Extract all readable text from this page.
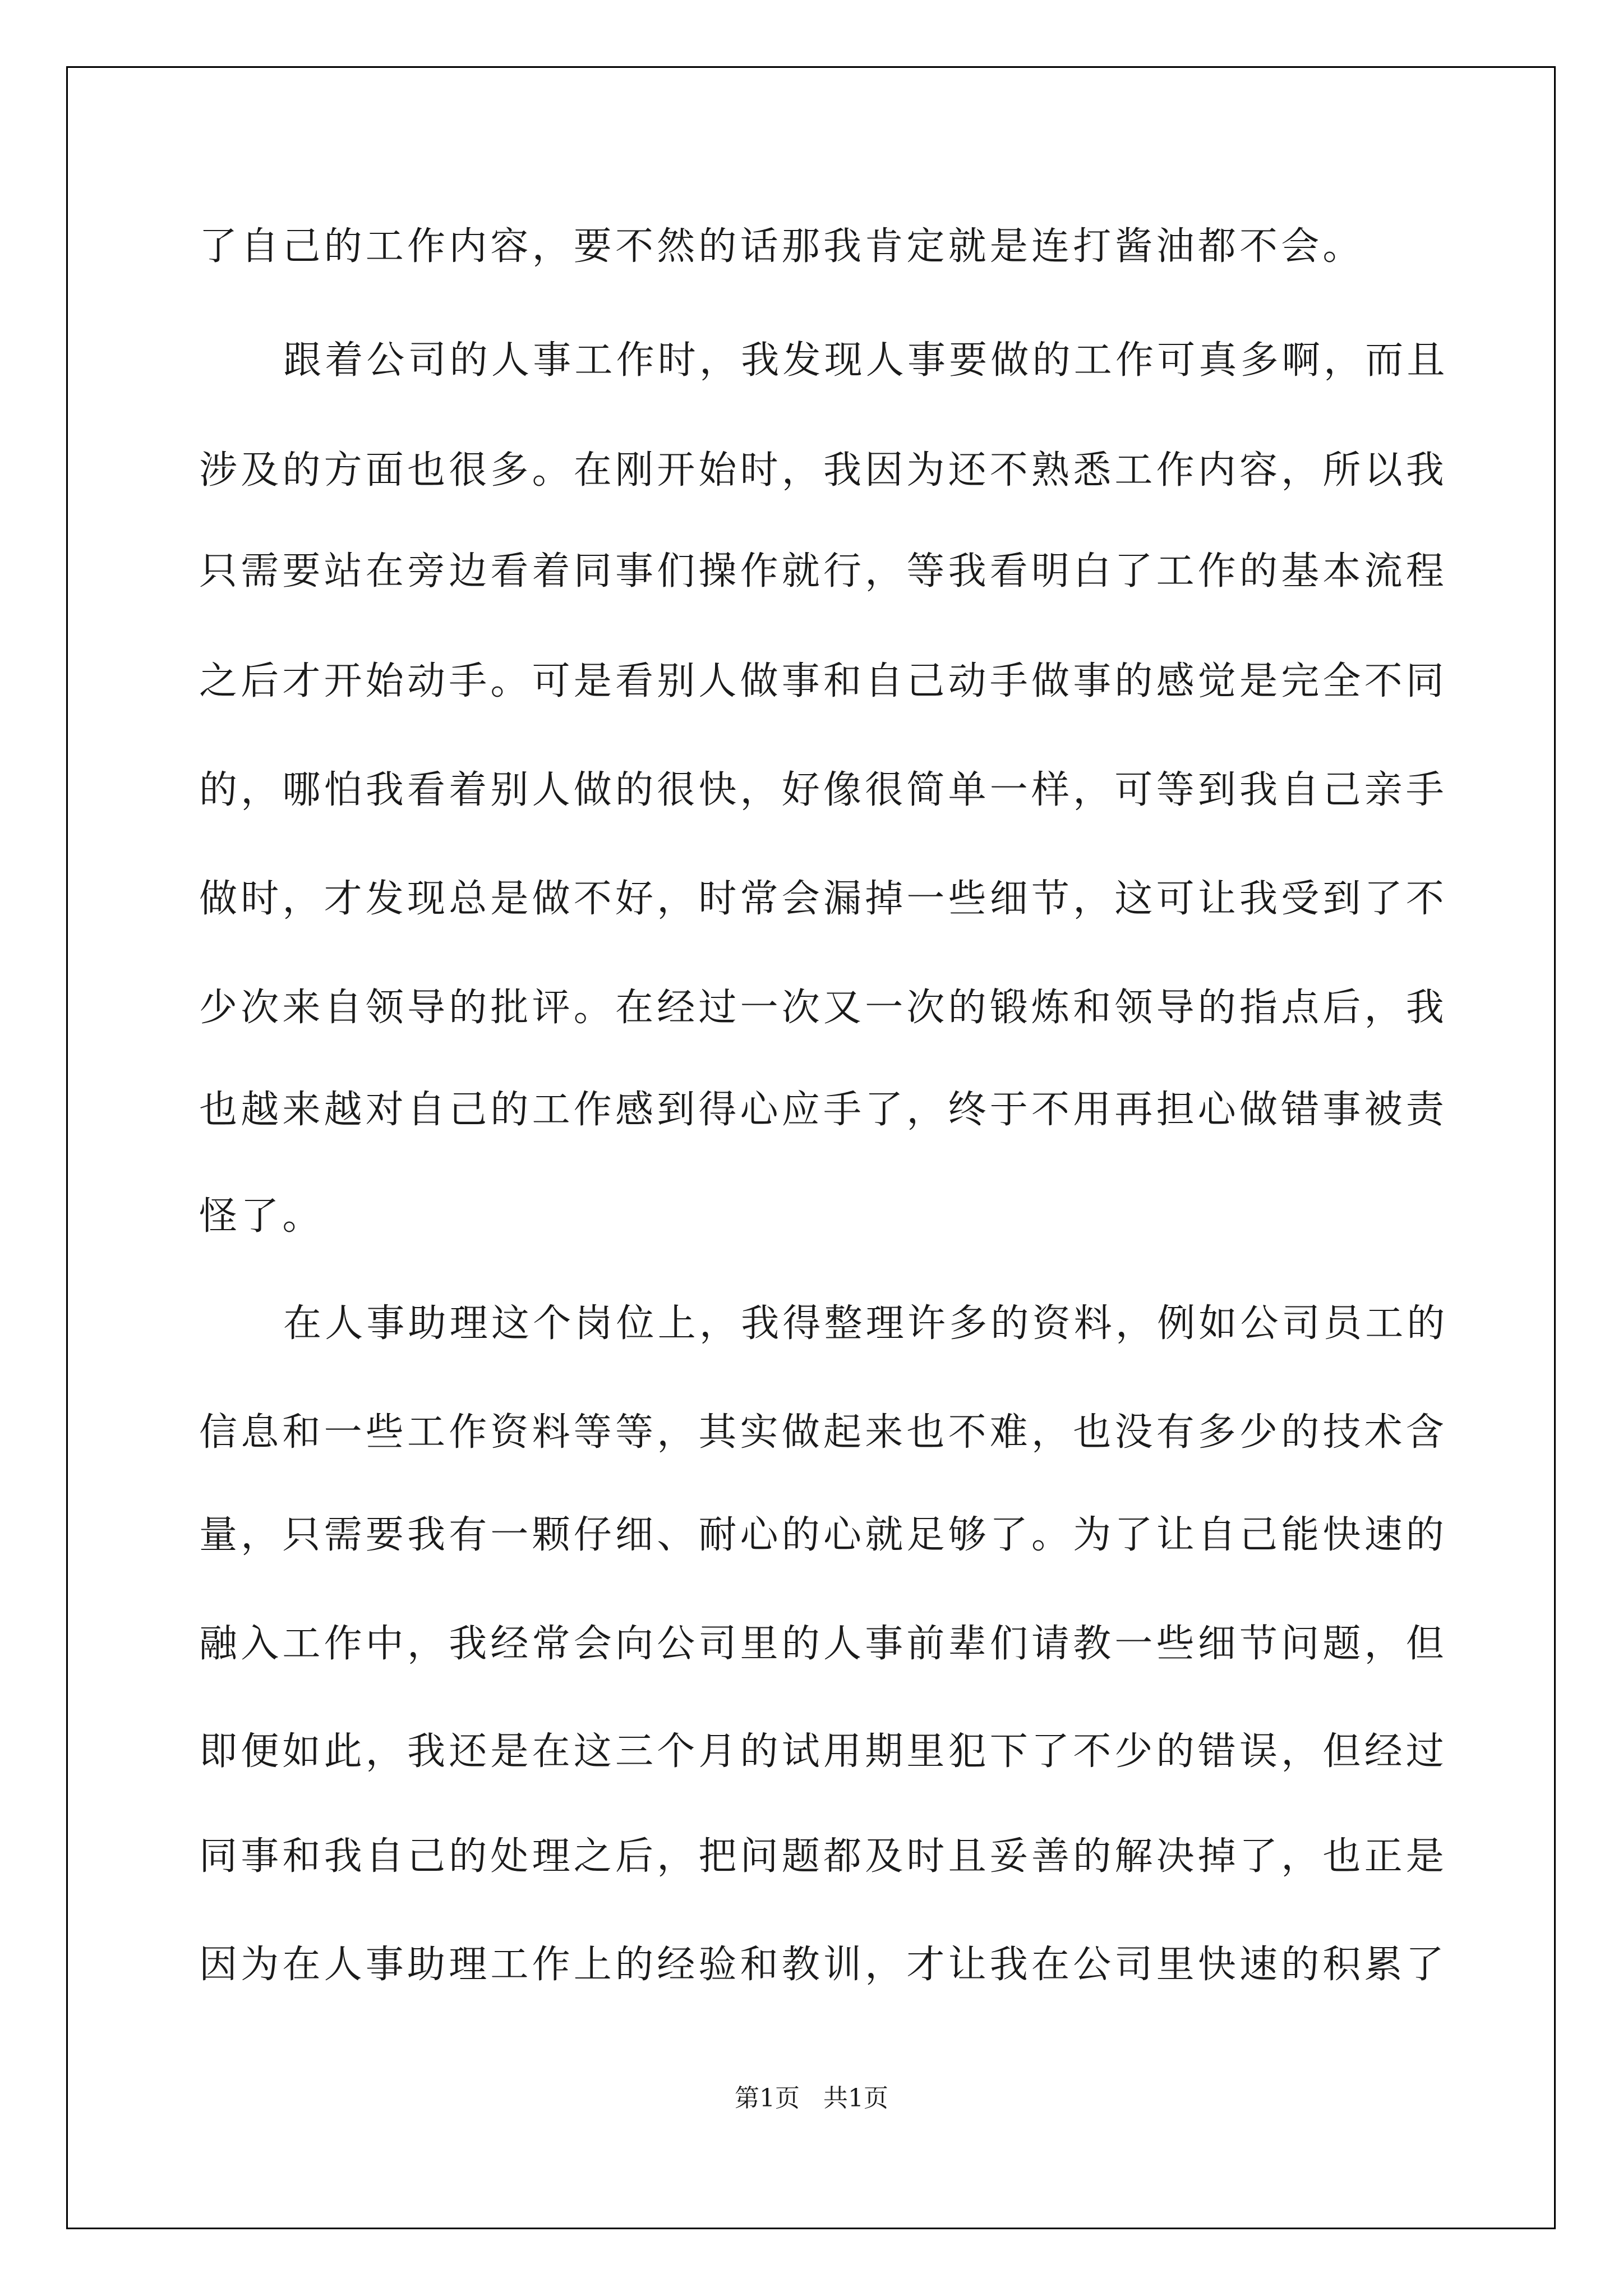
了自己的工作内容，要不然的话那我肯定就是连打酱油都不会。
跟着公司的人事工作时，我发现人事要做的工作可真多啊，而且
涉及的方面也很多。在刚开始时，我因为还不熟悉工作内容，所以我
只需要站在旁边看着同事们操作就行，等我看明白了工作的基本流程
之后才开始动手。可是看别人做事和自己动手做事的感觉是完全不同
的，哪怕我看着别人做的很快，好像很简单一样，可等到我自己亲手
做时，才发现总是做不好，时常会漏掉一些细节，这可让我受到了不
少次来自领导的批评。在经过一次又一次的锻炼和领导的指点后，我
也越来越对自己的工作感到得心应手了，终于不用再担心做错事被责
怪了。
在人事助理这个岗位上，我得整理许多的资料，例如公司员工的
信息和一些工作资料等等，其实做起来也不难，也没有多少的技术含
量，只需要我有一颗仔细、耐心的心就足够了。为了让自己能快速的
融入工作中，我经常会向公司里的人事前辈们请教一些细节问题，但
即便如此，我还是在这三个月的试用期里犯下了不少的错误，但经过
同事和我自己的处理之后，把问题都及时且妥善的解决掉了，也正是
因为在人事助理工作上的经验和教训，才让我在公司里快速的积累了
第1页   共1页
